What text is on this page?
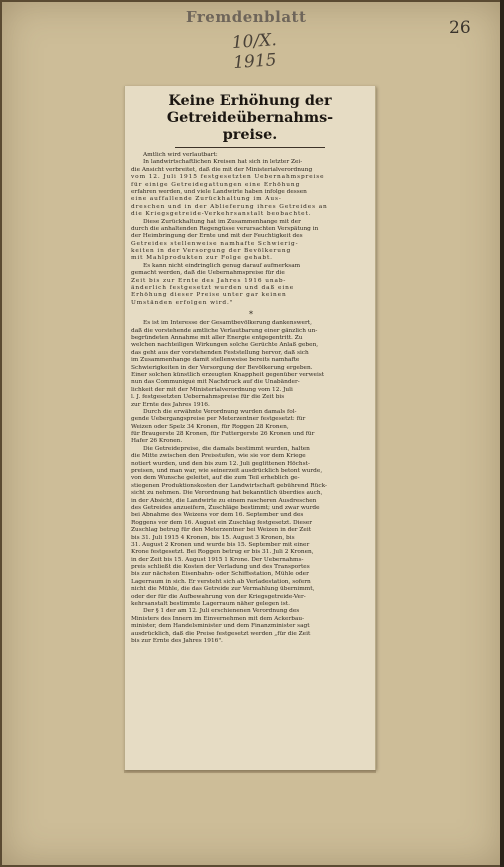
Fremdenblatt
10/X. 1915
26
Keine Erhöhung der Getreideübernahms-
preise.
Amtlich wird verlautbart:
In landwirtschaftlichen Kreisen hat sich in letzter Zei-
die Ansicht verbreitet, daß die mit der Ministerialverordnung
vom 12. Juli 1915 festgesetzten Uebernahmspreise
für einige Getreidegattungen eine Erhöhung
erfahren werden, und viele Landwirte haben infolge dessen
eine auffallende Zurückhaltung im Aus-
dreschen und in der Ablieferung ihres Getreides an
die Kriegsgetreide-Verkehrsanstalt beobachtet.
Diese Zurückhaltung hat im Zusammenhange mit der
durch die anhaltenden Regengüsse verursachten Verspätung in
der Heimbringung der Ernte und mit der Feuchtigkeit des
Getreides stellenweise namhafte Schwierig-
keiten in der Versorgung der Bevölkerung
mit Mahlprodukten zur Folge gehabt.
Es kann nicht eindringlich genug darauf aufmerksam
gemacht werden, daß die Uebernahmspreise für die
Zeit bis zur Ernte des Jahres 1916 unab-
änderlich festgesetzt wurden und daß eine
Erhöhung dieser Preise unter gar keinen
Umständen erfolgen wird."
*
Es ist im Interesse der Gesamtbevölkerung dankenswert,
daß die vorstehende amtliche Verlautbarung einer gänzlich un-
begründeten Annahme mit aller Energie entgegentritt. Zu
welchen nachteiligen Wirkungen solche Gerüchte Anlaß geben,
das geht aus der vorstehenden Feststellung hervor, daß sich
im Zusammenhange damit stellenweise bereits namhafte
Schwierigkeiten in der Versorgung der Bevölkerung ergeben.
Einer solchen künstlich erzeugten Knappheit gegenüber verweist
nun das Communiqué mit Nachdruck auf die Unabänder-
lichkeit der mit der Ministerialverordnung vom 12. Juli
l. J. festgesetzten Uebernahmspreise für die Zeit bis
zur Ernte des Jahres 1916.
Durch die erwähnte Verordnung wurden damals fol-
gende Uebergangspreise per Meterzentner festgesetzt: für
Weizen oder Spelz 34 Kronen, für Roggen 28 Kronen,
für Braugerste 28 Kronen, für Futtergerste 26 Kronen und für
Hafer 26 Kronen.
Die Getreidepreise, die damals bestimmt wurden, halten
die Mitte zwischen den Preisstufen, wie sie vor dem Kriege
notiert wurden, und den bis zum 12. Juli geglittenen Höchst-
preisen, und man war, wie seinerzeit ausdrücklich betont wurde,
von dem Wunsche geleitet, auf die zum Teil erheblich ge-
stiegenen Produktionskosten der Landwirtschaft gebührend Rück-
sicht zu nehmen. Die Verordnung hat bekanntlich überdies auch,
in der Absicht, die Landwirte zu einem rascheren Ausdreschen
des Getreides anzueifern, Zuschläge bestimmt; und zwar wurde
bei Abnahme des Weizens vor dem 16. September und des
Roggens vor dem 16. August ein Zuschlag festgesetzt. Dieser
Zuschlag betrug für den Meterzentner bei Weizen in der Zeit
bis 31. Juli 1915 4 Kronen, bis 15. August 3 Kronen, bis
31. August 2 Kronen und wurde bis 15. September mit einer
Krone festgesetzt. Bei Roggen betrug er bis 31. Juli 2 Kronen,
in der Zeit bis 15. August 1915 1 Krone. Der Uebernahms-
preis schließt die Kosten der Verladung und des Transportes
bis zur nächsten Eisenbahn- oder Schiffsstation, Mühle oder
Lagerraum in sich. Er versteht sich ab Verladestation, sofern
nicht die Mühle, die das Getreide zur Vermahlung übernimmt,
oder der für die Aufbewahrung von der Kriegsgetreide-Ver-
kehrsanstalt bestimmte Lagerraum näher gelegen ist.
Der § 1 der am 12. Juli erschienenen Verordnung des
Ministers des Innern im Einvernehmen mit dem Ackerbau-
minister, dem Handelsminister und dem Finanzminister sagt
ausdrücklich, daß die Preise festgesetzt werden „für die Zeit
bis zur Ernte des Jahres 1916".
